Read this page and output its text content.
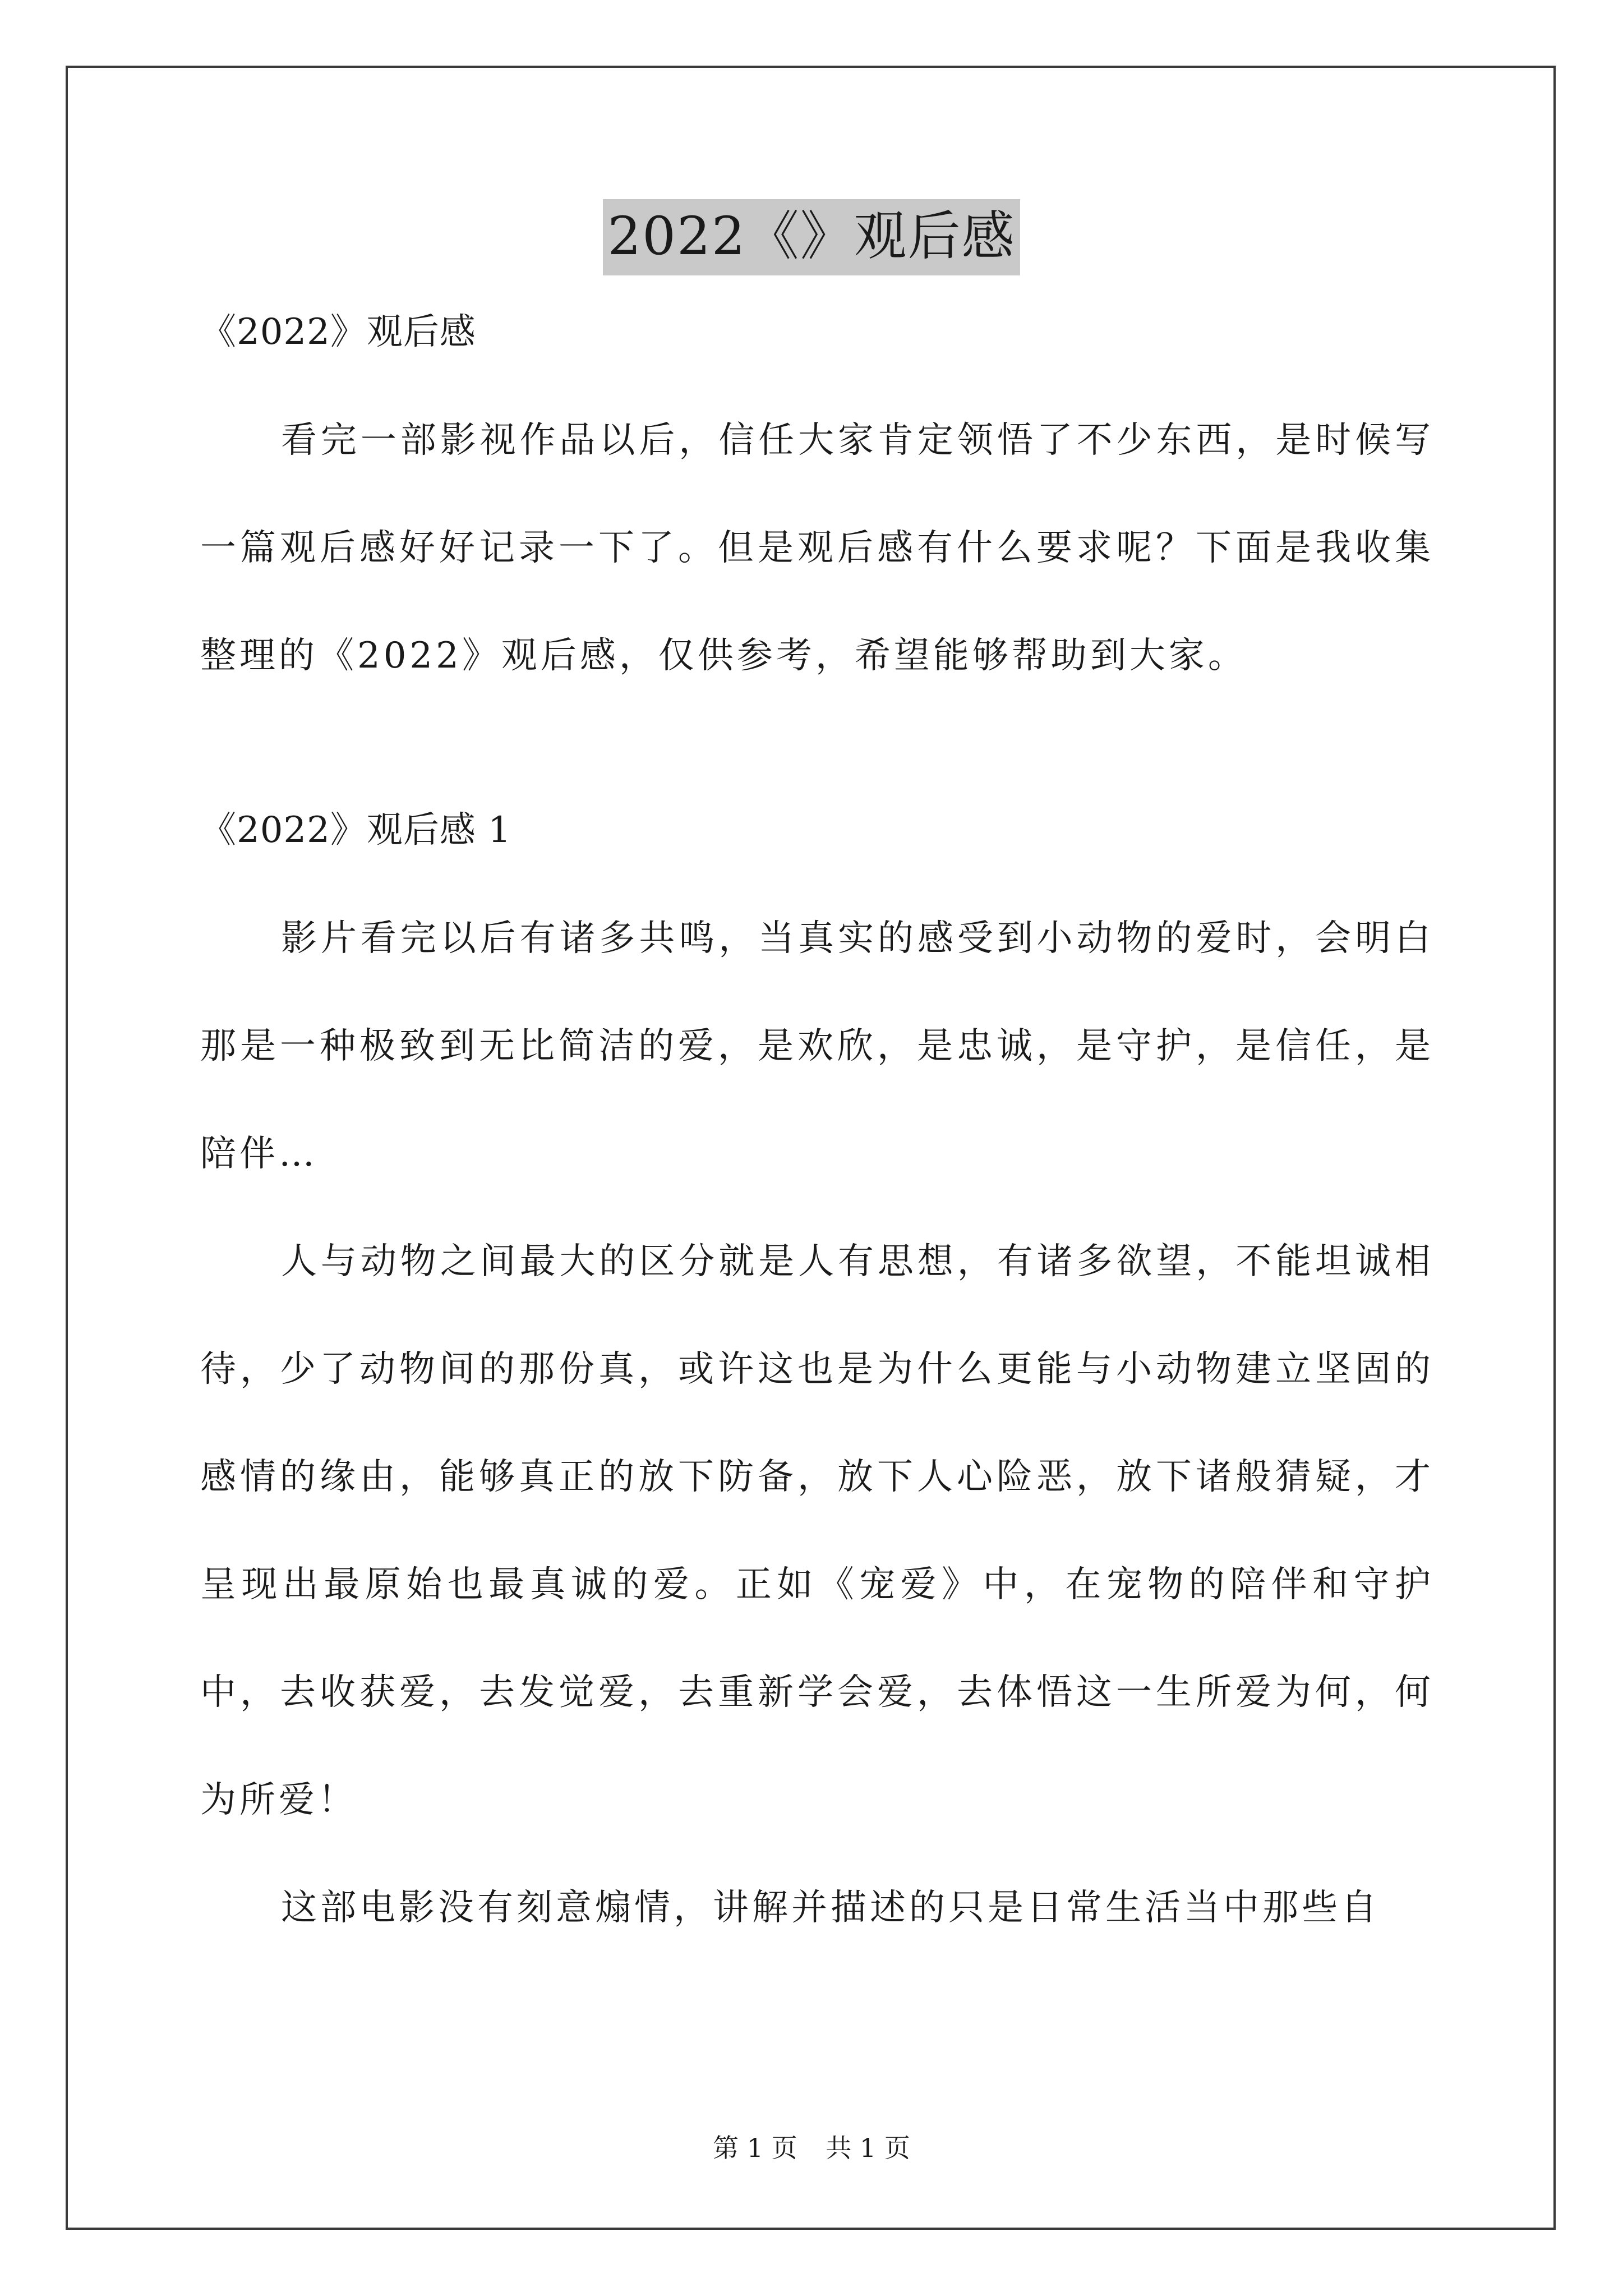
2022《》观后感

《2022》观后感

看完一部影视作品以后，信任大家肯定领悟了不少东西，是时候写一篇观后感好好记录一下了。但是观后感有什么要求呢？下面是我收集整理的《2022》观后感，仅供参考，希望能够帮助到大家。

《2022》观后感 1

影片看完以后有诸多共鸣，当真实的感受到小动物的爱时，会明白那是一种极致到无比简洁的爱，是欢欣，是忠诚，是守护，是信任，是陪伴…

人与动物之间最大的区分就是人有思想，有诸多欲望，不能坦诚相待，少了动物间的那份真，或许这也是为什么更能与小动物建立坚固的感情的缘由，能够真正的放下防备，放下人心险恶，放下诸般猜疑，才呈现出最原始也最真诚的爱。正如《宠爱》中，在宠物的陪伴和守护中，去收获爱，去发觉爱，去重新学会爱，去体悟这一生所爱为何，何为所爱！

这部电影没有刻意煽情，讲解并描述的只是日常生活当中那些自

第 1 页 共 1 页
